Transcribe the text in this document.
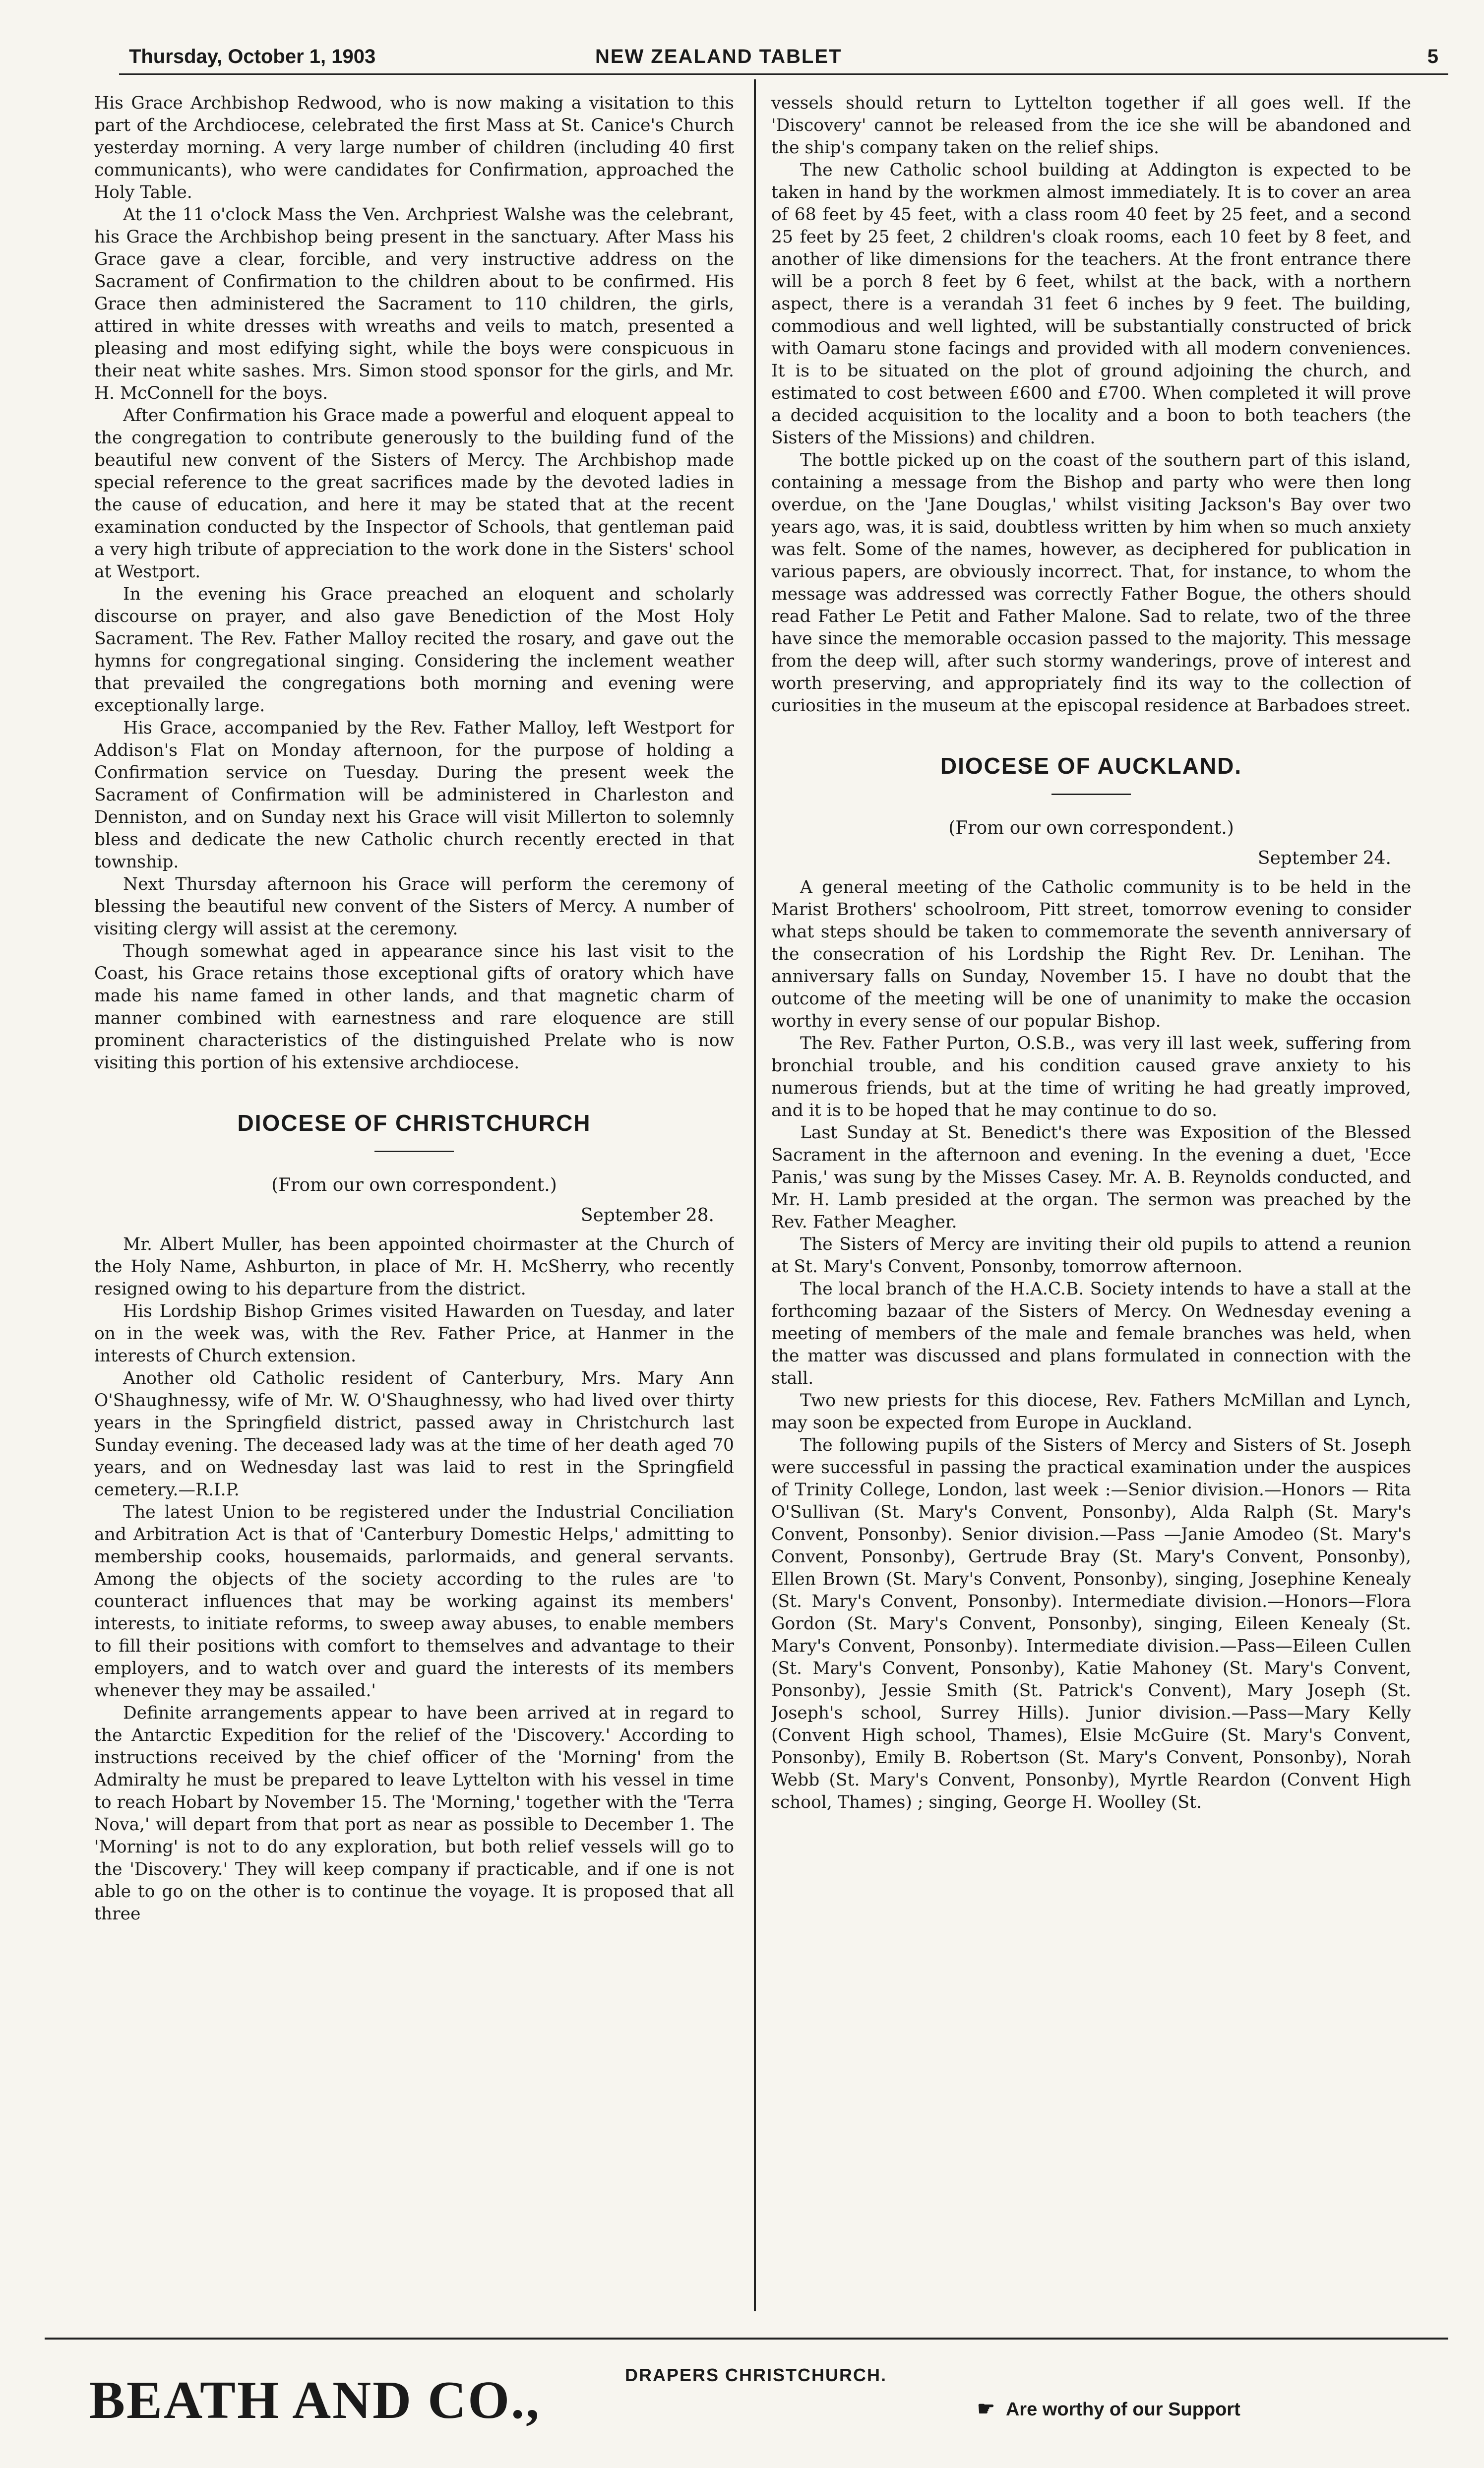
Thursday, October 1, 1903	NEW ZEALAND TABLET	5

His Grace Archbishop Redwood, who is now making a visitation to this part of the Archdiocese, celebrated the first Mass at St. Canice's Church yesterday morning. A very large number of children (including 40 first communicants), who were candidates for Confirmation, approached the Holy Table.

At the 11 o'clock Mass the Ven. Archpriest Walshe was the celebrant, his Grace the Archbishop being present in the sanctuary. After Mass his Grace gave a clear, forcible, and very instructive address on the Sacrament of Confirmation to the children about to be confirmed. His Grace then administered the Sacrament to 110 children, the girls, attired in white dresses with wreaths and veils to match, presented a pleasing and most edifying sight, while the boys were conspicuous in their neat white sashes. Mrs. Simon stood sponsor for the girls, and Mr. H. McConnell for the boys.

After Confirmation his Grace made a powerful and eloquent appeal to the congregation to contribute generously to the building fund of the beautiful new convent of the Sisters of Mercy. The Archbishop made special reference to the great sacrifices made by the devoted ladies in the cause of education, and here it may be stated that at the recent examination conducted by the Inspector of Schools, that gentleman paid a very high tribute of appreciation to the work done in the Sisters' school at Westport.

In the evening his Grace preached an eloquent and scholarly discourse on prayer, and also gave Benediction of the Most Holy Sacrament. The Rev. Father Malloy recited the rosary, and gave out the hymns for congregational singing. Considering the inclement weather that prevailed the congregations both morning and evening were exceptionally large.

His Grace, accompanied by the Rev. Father Malloy, left Westport for Addison's Flat on Monday afternoon, for the purpose of holding a Confirmation service on Tuesday. During the present week the Sacrament of Confirmation will be administered in Charleston and Denniston, and on Sunday next his Grace will visit Millerton to solemnly bless and dedicate the new Catholic church recently erected in that township.

Next Thursday afternoon his Grace will perform the ceremony of blessing the beautiful new convent of the Sisters of Mercy. A number of visiting clergy will assist at the ceremony.

Though somewhat aged in appearance since his last visit to the Coast, his Grace retains those exceptional gifts of oratory which have made his name famed in other lands, and that magnetic charm of manner combined with earnestness and rare eloquence are still prominent characteristics of the distinguished Prelate who is now visiting this portion of his extensive archdiocese.

DIOCESE OF CHRISTCHURCH
(From our own correspondent.)
September 28.

Mr. Albert Muller, has been appointed choirmaster at the Church of the Holy Name, Ashburton, in place of Mr. H. McSherry, who recently resigned owing to his departure from the district.

His Lordship Bishop Grimes visited Hawarden on Tuesday, and later on in the week was, with the Rev. Father Price, at Hanmer in the interests of Church extension.

Another old Catholic resident of Canterbury, Mrs. Mary Ann O'Shaughnessy, wife of Mr. W. O'Shaughnessy, who had lived over thirty years in the Springfield district, passed away in Christchurch last Sunday evening. The deceased lady was at the time of her death aged 70 years, and on Wednesday last was laid to rest in the Springfield cemetery.—R.I.P.

The latest Union to be registered under the Industrial Conciliation and Arbitration Act is that of 'Canterbury Domestic Helps,' admitting to membership cooks, housemaids, parlormaids, and general servants. Among the objects of the society according to the rules are 'to counteract influences that may be working against its members' interests, to initiate reforms, to sweep away abuses, to enable members to fill their positions with comfort to themselves and advantage to their employers, and to watch over and guard the interests of its members whenever they may be assailed.'

Definite arrangements appear to have been arrived at in regard to the Antarctic Expedition for the relief of the 'Discovery.' According to instructions received by the chief officer of the 'Morning' from the Admiralty he must be prepared to leave Lyttelton with his vessel in time to reach Hobart by November 15. The 'Morning,' together with the 'Terra Nova,' will depart from that port as near as possible to December 1. The 'Morning' is not to do any exploration, but both relief vessels will go to the 'Discovery.' They will keep company if practicable, and if one is not able to go on the other is to continue the voyage. It is proposed that all three

vessels should return to Lyttelton together if all goes well. If the 'Discovery' cannot be released from the ice she will be abandoned and the ship's company taken on the relief ships.

The new Catholic school building at Addington is expected to be taken in hand by the workmen almost immediately. It is to cover an area of 68 feet by 45 feet, with a class room 40 feet by 25 feet, and a second 25 feet by 25 feet, 2 children's cloak rooms, each 10 feet by 8 feet, and another of like dimensions for the teachers. At the front entrance there will be a porch 8 feet by 6 feet, whilst at the back, with a northern aspect, there is a verandah 31 feet 6 inches by 9 feet. The building, commodious and well lighted, will be substantially constructed of brick with Oamaru stone facings and provided with all modern conveniences. It is to be situated on the plot of ground adjoining the church, and estimated to cost between £600 and £700. When completed it will prove a decided acquisition to the locality and a boon to both teachers (the Sisters of the Missions) and children.

The bottle picked up on the coast of the southern part of this island, containing a message from the Bishop and party who were then long overdue, on the 'Jane Douglas,' whilst visiting Jackson's Bay over two years ago, was, it is said, doubtless written by him when so much anxiety was felt. Some of the names, however, as deciphered for publication in various papers, are obviously incorrect. That, for instance, to whom the message was addressed was correctly Father Bogue, the others should read Father Le Petit and Father Malone. Sad to relate, two of the three have since the memorable occasion passed to the majority. This message from the deep will, after such stormy wanderings, prove of interest and worth preserving, and appropriately find its way to the collection of curiosities in the museum at the episcopal residence at Barbadoes street.

DIOCESE OF AUCKLAND.
(From our own correspondent.)
September 24.

A general meeting of the Catholic community is to be held in the Marist Brothers' schoolroom, Pitt street, tomorrow evening to consider what steps should be taken to commemorate the seventh anniversary of the consecration of his Lordship the Right Rev. Dr. Lenihan. The anniversary falls on Sunday, November 15. I have no doubt that the outcome of the meeting will be one of unanimity to make the occasion worthy in every sense of our popular Bishop.

The Rev. Father Purton, O.S.B., was very ill last week, suffering from bronchial trouble, and his condition caused grave anxiety to his numerous friends, but at the time of writing he had greatly improved, and it is to be hoped that he may continue to do so.

Last Sunday at St. Benedict's there was Exposition of the Blessed Sacrament in the afternoon and evening. In the evening a duet, 'Ecce Panis,' was sung by the Misses Casey. Mr. A. B. Reynolds conducted, and Mr. H. Lamb presided at the organ. The sermon was preached by the Rev. Father Meagher.

The Sisters of Mercy are inviting their old pupils to attend a reunion at St. Mary's Convent, Ponsonby, tomorrow afternoon.

The local branch of the H.A.C.B. Society intends to have a stall at the forthcoming bazaar of the Sisters of Mercy. On Wednesday evening a meeting of members of the male and female branches was held, when the matter was discussed and plans formulated in connection with the stall.

Two new priests for this diocese, Rev. Fathers McMillan and Lynch, may soon be expected from Europe in Auckland.

The following pupils of the Sisters of Mercy and Sisters of St. Joseph were successful in passing the practical examination under the auspices of Trinity College, London, last week :—Senior division.—Honors — Rita O'Sullivan (St. Mary's Convent, Ponsonby), Alda Ralph (St. Mary's Convent, Ponsonby). Senior division.—Pass —Janie Amodeo (St. Mary's Convent, Ponsonby), Gertrude Bray (St. Mary's Convent, Ponsonby), Ellen Brown (St. Mary's Convent, Ponsonby), singing, Josephine Kenealy (St. Mary's Convent, Ponsonby). Intermediate division.—Honors—Flora Gordon (St. Mary's Convent, Ponsonby), singing, Eileen Kenealy (St. Mary's Convent, Ponsonby). Intermediate division.—Pass—Eileen Cullen (St. Mary's Convent, Ponsonby), Katie Mahoney (St. Mary's Convent, Ponsonby), Jessie Smith (St. Patrick's Convent), Mary Joseph (St. Joseph's school, Surrey Hills). Junior division.—Pass—Mary Kelly (Convent High school, Thames), Elsie McGuire (St. Mary's Convent, Ponsonby), Emily B. Robertson (St. Mary's Convent, Ponsonby), Norah Webb (St. Mary's Convent, Ponsonby), Myrtle Reardon (Convent High school, Thames) ; singing, George H. Woolley (St.

BEATH AND CO.,	DRAPERS CHRISTCHURCH.
☛ Are worthy of our Support
